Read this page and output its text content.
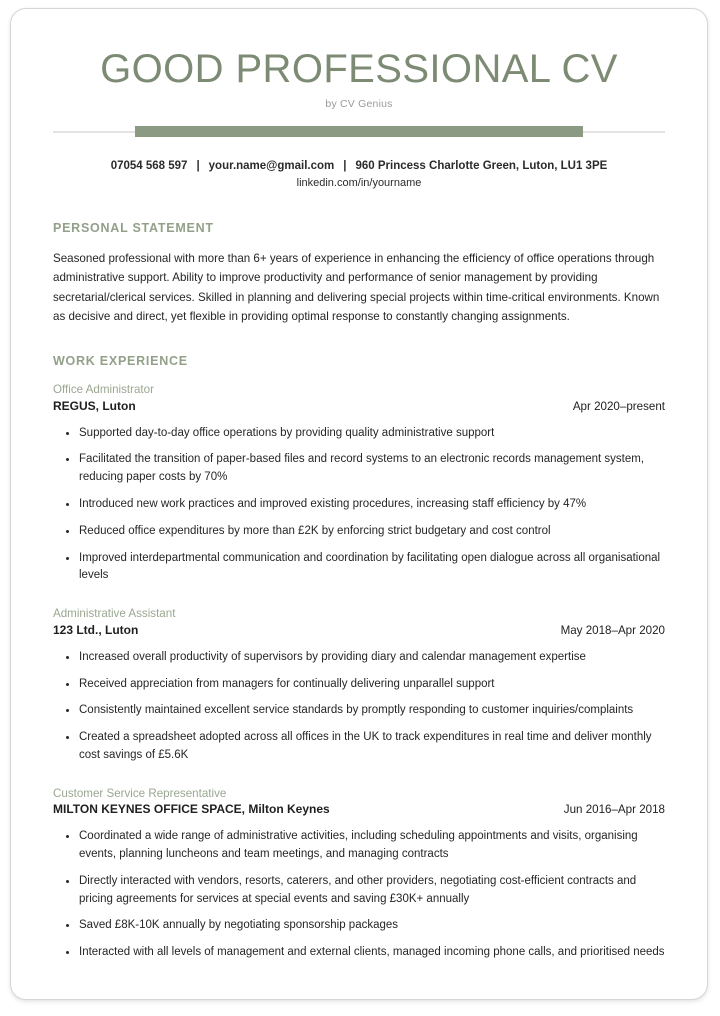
GOOD PROFESSIONAL CV
by CV Genius
07054 568 597 | your.name@gmail.com | 960 Princess Charlotte Green, Luton, LU1 3PE
linkedin.com/in/yourname
PERSONAL STATEMENT

Seasoned professional with more than 6+ years of experience in enhancing the efficiency of office operations through administrative support. Ability to improve productivity and performance of senior management by providing secretarial/clerical services. Skilled in planning and delivering special projects within time-critical environments. Known as decisive and direct, yet flexible in providing optimal response to constantly changing assignments.

WORK EXPERIENCE
Office Administrator
REGUS, Luton	Apr 2020–present
Supported day-to-day office operations by providing quality administrative support
Facilitated the transition of paper-based files and record systems to an electronic records management system, reducing paper costs by 70%
Introduced new work practices and improved existing procedures, increasing staff efficiency by 47%
Reduced office expenditures by more than £2K by enforcing strict budgetary and cost control
Improved interdepartmental communication and coordination by facilitating open dialogue across all organisational levels
Administrative Assistant
123 Ltd., Luton	May 2018–Apr 2020
Increased overall productivity of supervisors by providing diary and calendar management expertise
Received appreciation from managers for continually delivering unparallel support
Consistently maintained excellent service standards by promptly responding to customer inquiries/complaints
Created a spreadsheet adopted across all offices in the UK to track expenditures in real time and deliver monthly cost savings of £5.6K
Customer Service Representative
MILTON KEYNES OFFICE SPACE, Milton Keynes	Jun 2016–Apr 2018
Coordinated a wide range of administrative activities, including scheduling appointments and visits, organising events, planning luncheons and team meetings, and managing contracts
Directly interacted with vendors, resorts, caterers, and other providers, negotiating cost-efficient contracts and pricing agreements for services at special events and saving £30K+ annually
Saved £8K-10K annually by negotiating sponsorship packages
Interacted with all levels of management and external clients, managed incoming phone calls, and prioritised needs
